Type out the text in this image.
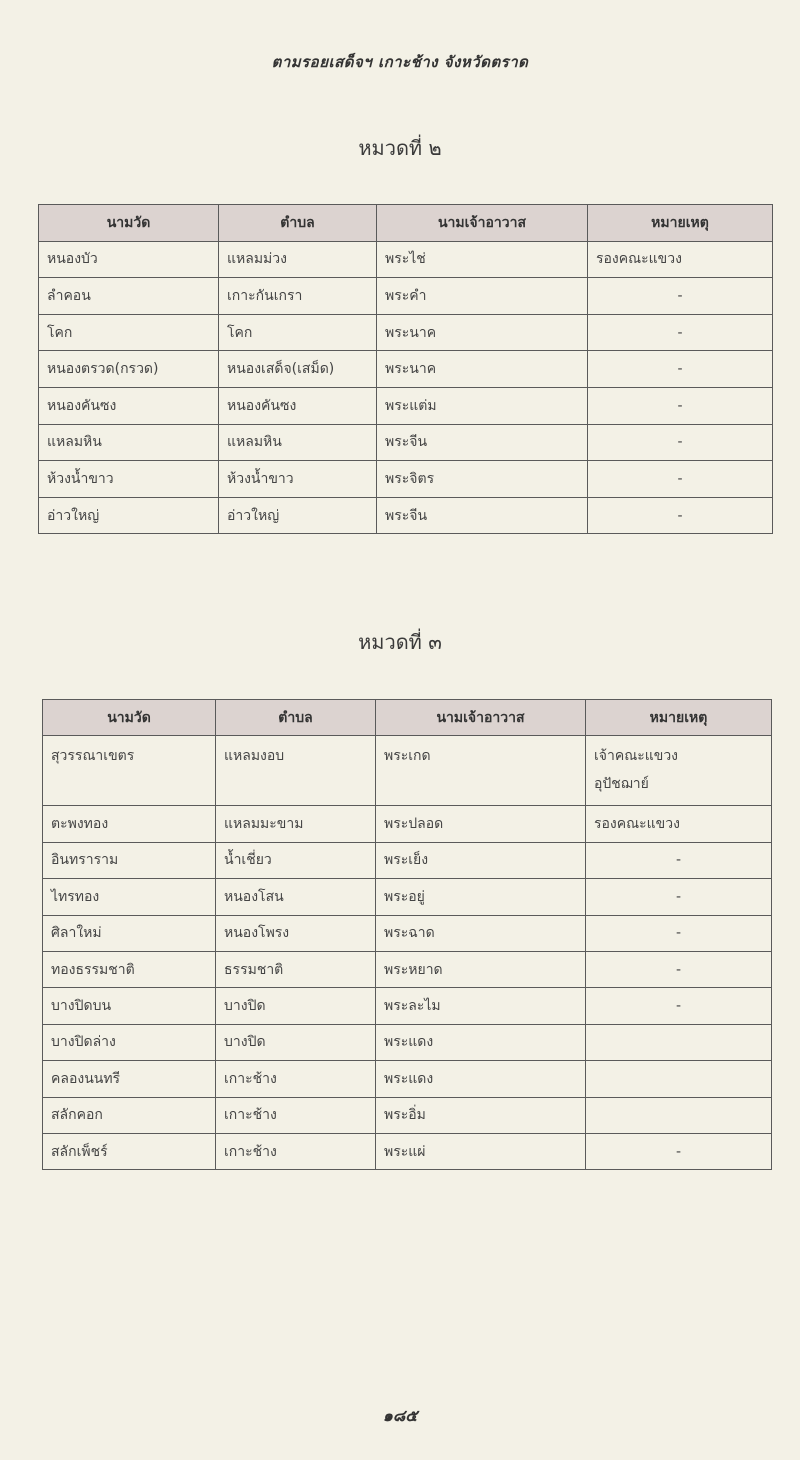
ตามรอยเสด็จฯ เกาะช้าง จังหวัดตราด
หมวดที่ ๒
นามวัด	ตำบล	นามเจ้าอาวาส	หมายเหตุ
หนองบัว	แหลมม่วง	พระไช่	รองคณะแขวง
ลำคอน	เกาะกันเกรา	พระคำ	-
โคก	โคก	พระนาค	-
หนองตรวด(กรวด)	หนองเสด็จ(เสม็ด)	พระนาค	-
หนองคันซง	หนองคันซง	พระแต่ม	-
แหลมหิน	แหลมหิน	พระจีน	-
ห้วงน้ำขาว	ห้วงน้ำขาว	พระจิตร	-
อ่าวใหญ่	อ่าวใหญ่	พระจีน	-
หมวดที่ ๓
นามวัด	ตำบล	นามเจ้าอาวาส	หมายเหตุ
สุวรรณาเขตร	แหลมงอบ	พระเกด	เจ้าคณะแขวง
อุปัชฌาย์

ตะพงทอง	แหลมมะขาม	พระปลอด	รองคณะแขวง
อินทราราม	น้ำเชี่ยว	พระเย็ง	-
ไทรทอง	หนองโสน	พระอยู่	-
ศิลาใหม่	หนองโพรง	พระฉาด	-
ทองธรรมชาติ	ธรรมชาติ	พระหยาด	-
บางปิดบน	บางปิด	พระละไม	-
บางปิดล่าง	บางปิด	พระแดง	
คลองนนทรี	เกาะช้าง	พระแดง	
สลักคอก	เกาะช้าง	พระอิ่ม	
สลักเพ็ชร์	เกาะช้าง	พระแผ่	-
๑๘๕
